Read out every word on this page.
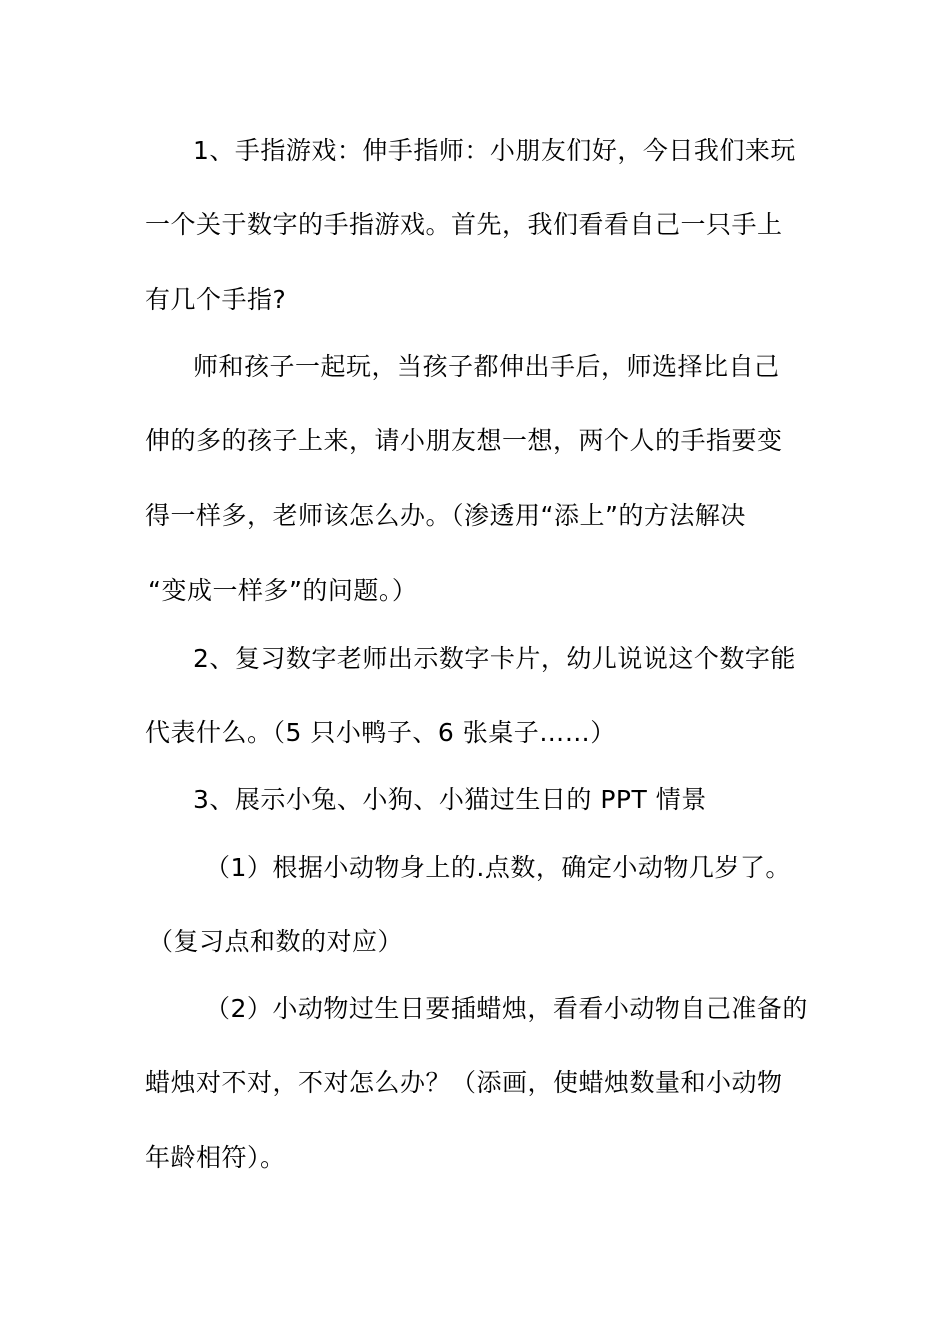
1、手指游戏：伸手指师：小朋友们好，今日我们来玩
一个关于数字的手指游戏。首先，我们看看自己一只手上
有几个手指?
师和孩子一起玩，当孩子都伸出手后，师选择比自己
伸的多的孩子上来，请小朋友想一想，两个人的手指要变
得一样多，老师该怎么办。（渗透用“添上”的方法解决
“变成一样多”的问题。）
2、复习数字老师出示数字卡片，幼儿说说这个数字能
代表什么。（5 只小鸭子、6 张桌子……）
3、展示小兔、小狗、小猫过生日的 PPT 情景
（1）根据小动物身上的.点数，确定小动物几岁了。
（复习点和数的对应）
（2）小动物过生日要插蜡烛，看看小动物自己准备的
蜡烛对不对，不对怎么办？（添画，使蜡烛数量和小动物
年龄相符）。
